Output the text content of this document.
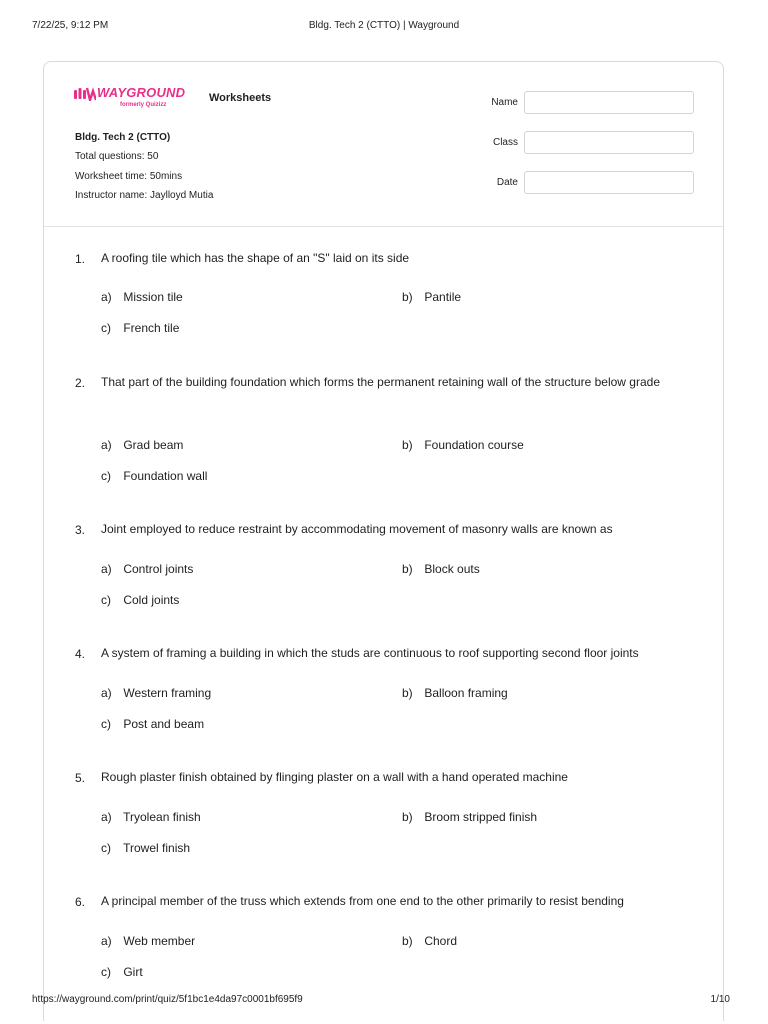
7/22/25, 9:12 PM	Bldg. Tech 2 (CTTO) | Wayground
WAYGROUND
formerly Quizizz
Worksheets
Bldg. Tech 2 (CTTO)
Total questions: 50
Worksheet time: 50mins
Instructor name: Jaylloyd Mutia
Name
Class
Date
1. A roofing tile which has the shape of an "S" laid on its side
a) Mission tile	b) Pantile
c) French tile
2. That part of the building foundation which forms the permanent retaining wall of the structure below grade
a) Grad beam	b) Foundation course
c) Foundation wall
3. Joint employed to reduce restraint by accommodating movement of masonry walls are known as
a) Control joints	b) Block outs
c) Cold joints
4. A system of framing a building in which the studs are continuous to roof supporting second floor joints
a) Western framing	b) Balloon framing
c) Post and beam
5. Rough plaster finish obtained by flinging plaster on a wall with a hand operated machine
a) Tryolean finish	b) Broom stripped finish
c) Trowel finish
6. A principal member of the truss which extends from one end to the other primarily to resist bending
a) Web member	b) Chord
c) Girt
https://wayground.com/print/quiz/5f1bc1e4da97c0001bf695f9	1/10
